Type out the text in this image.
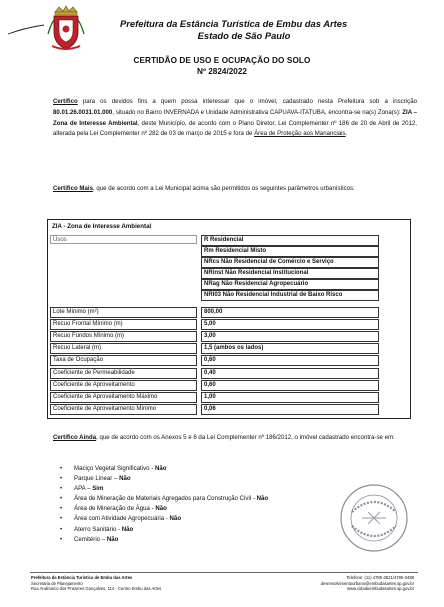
Prefeitura da Estância Turística de Embu das Artes
Estado de São Paulo
CERTIDÃO DE USO E OCUPAÇÃO DO SOLO
Nº 2824/2022
Certifico para os devidos fins a quem possa interessar que o imóvel, cadastrado nesta Prefeitura sob a inscrição 80.01.26.0031.01.000, situado no Bairro INVERNADA e Unidade Administrativa CAPUAVA-ITATUBA, encontra-se na(s) Zona(s): ZIA – Zona de Interesse Ambiental, deste Município, de acordo com o Plano Diretor, Lei Complementer nº 186 de 20 de Abril de 2012, alterada pela Lei Complementer nº 282 de 03 de março de 2015 e fora de Área de Proteção aos Mananciais.
Certifico Mais, que de acordo com a Lei Municipal acima são permitidos os seguintes parâmetros urbanísticos:
ZIA - Zona de Interesse Ambiental
Usos	R Residencial
Rm Residencial Misto
NRcs Não Residencial de Comércio e Serviço
NRinst Não Residencial Institucional
NRag Não Residencial Agropecuário
NRI03 Não Residencial Industrial de Baixo Risco
Lote Mínimo (m²)	800,00
Recuo Frontal Mínimo (m)	5,00
Recuo Fundos Mínimo (m)	3,00
Recuo Lateral (m)	1,5 (ambos os lados)
Taxa de Ocupação	0,60
Coeficiente de Permeabilidade	0,40
Coeficiente de Aproveitamento	0,60
Coeficiente de Aproveitamento Máximo	1,00
Coeficiente de Aproveitamento Mínimo	0,06
Certifico Ainda, que de acordo com os Anexos 5 e 6 da Lei Complementer nº 186/2012, o imóvel cadastrado encontra-se em:
• Maciço Vegetal Significativo - Não
• Parque Linear – Não
• APA – Sim
• Área de Mineração de Materiais Agregados para Construção Civil - Não
• Área de Mineração de Água - Não
• Área com Atividade Agropecuária - Não
• Aterro Sanitário - Não
• Cemitério – Não
Prefeitura da Estância Turística de Embu das Artes
Secretaria de Planejamento
Rua Andronico dos Prazeres Gonçalves, 114 - Centro Embu das Artes
Telefone: (11) 4785-3521/4785-3488
desenvolvimentourbano@embudasartes.sp.gov.br
www.cidadeembudasartes.sp.gov.br
